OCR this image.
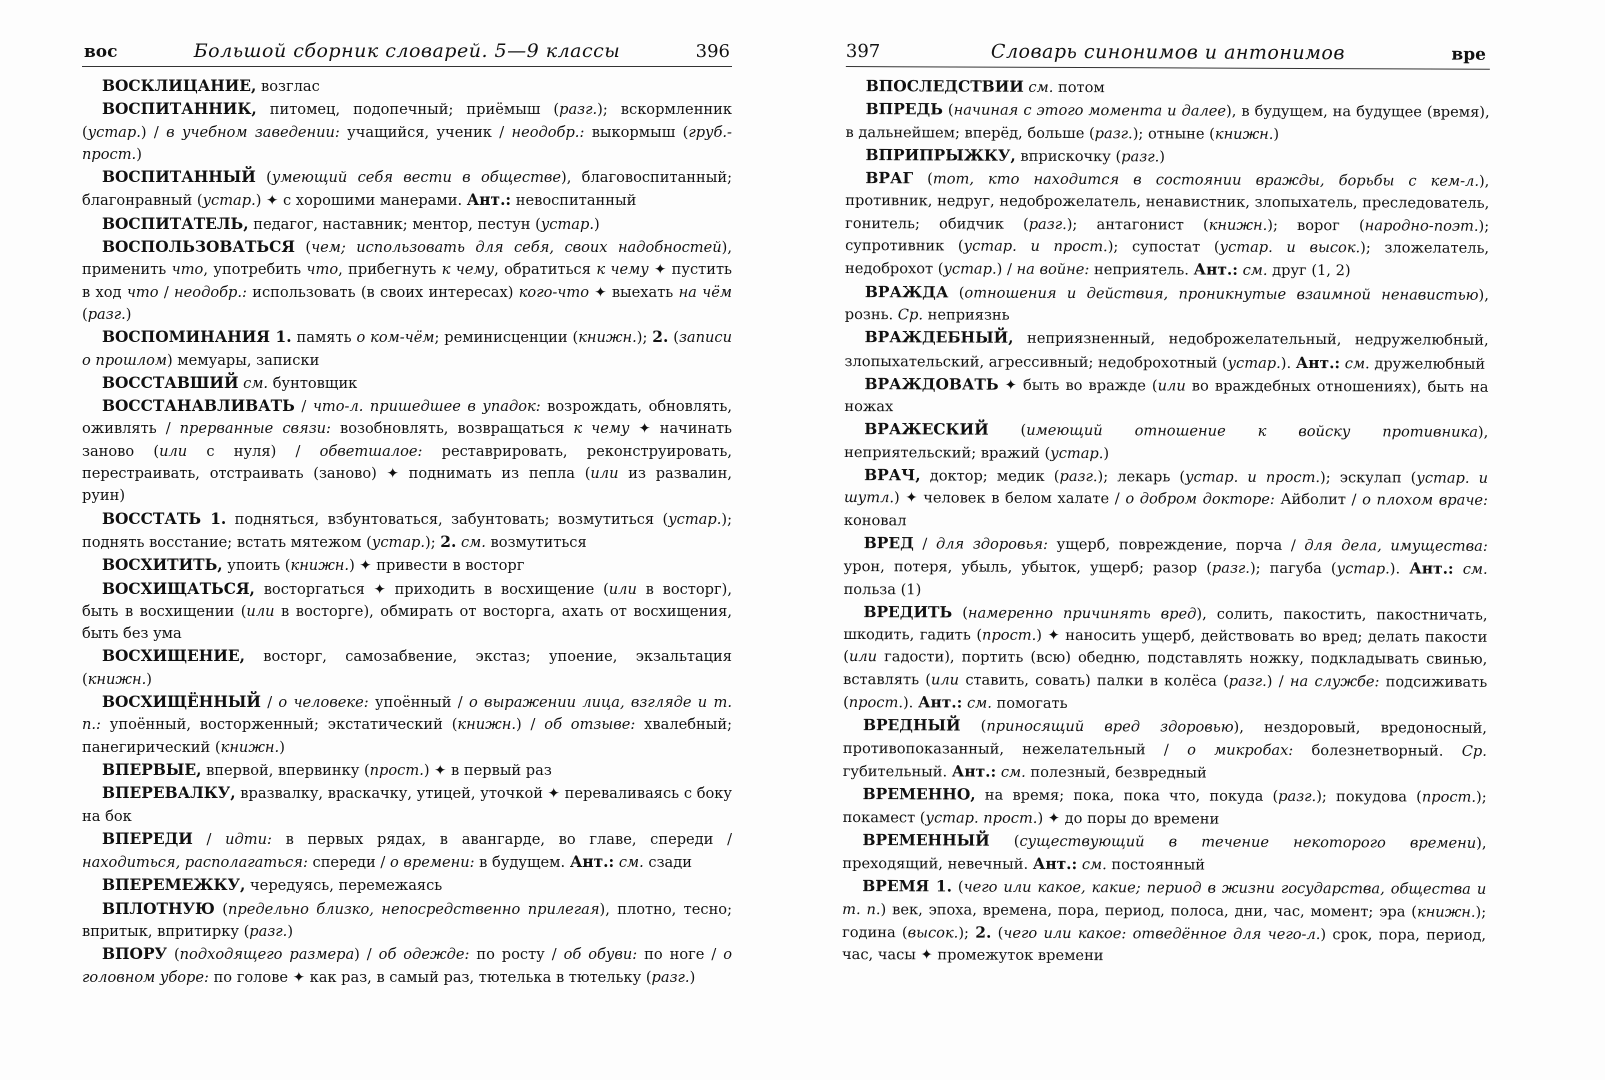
вос	Большой сборник словарей. 5—9 классы	396

ВОСКЛИЦАНИЕ, возглас

ВОСПИТАННИК, питомец, подопечный; приёмыш (разг.); вскормленник (устар.) / в учебном заведении: учащийся, ученик / неодобр.: выкормыш (груб.-прост.)

ВОСПИТАННЫЙ (умеющий себя вести в обществе), благовоспитанный; благонравный (устар.) ✦ с хорошими манерами. Ант.: невоспитанный

ВОСПИТАТЕЛЬ, педагог, наставник; ментор, пестун (устар.)

ВОСПОЛЬЗОВАТЬСЯ (чем; использовать для себя, своих надобностей), применить что, употребить что, прибегнуть к чему, обратиться к чему ✦ пустить в ход что / неодобр.: использовать (в своих интересах) кого-что ✦ выехать на чём (разг.)

ВОСПОМИНАНИЯ 1. память о ком-чём; реминисценции (книжн.); 2. (записи о прошлом) мемуары, записки

ВОССТАВШИЙ см. бунтовщик

ВОССТАНАВЛИВАТЬ / что-л. пришедшее в упадок: возрождать, обновлять, оживлять / прерванные связи: возобновлять, возвращаться к чему ✦ начинать заново (или с нуля) / обветшалое: реставрировать, реконструировать, перестраивать, отстраивать (заново) ✦ поднимать из пепла (или из развалин, руин)

ВОССТАТЬ 1. подняться, взбунтоваться, забунтовать; возмутиться (устар.); поднять восстание; встать мятежом (устар.); 2. см. возмутиться

ВОСХИТИТЬ, упоить (книжн.) ✦ привести в восторг

ВОСХИЩАТЬСЯ, восторгаться ✦ приходить в восхищение (или в восторг), быть в восхищении (или в восторге), обмирать от восторга, ахать от восхищения, быть без ума

ВОСХИЩЕНИЕ, восторг, самозабвение, экстаз; упоение, экзальтация (книжн.)

ВОСХИЩЁННЫЙ / о человеке: упоённый / о выражении лица, взгляде и т. п.: упоённый, восторженный; экстатический (книжн.) / об отзыве: хвалебный; панегирический (книжн.)

ВПЕРВЫЕ, впервой, впервинку (прост.) ✦ в первый раз

ВПЕРЕВАЛКУ, вразвалку, враскачку, утицей, уточкой ✦ переваливаясь с боку на бок

ВПЕРЕДИ / идти: в первых рядах, в авангарде, во главе, спереди / находиться, располагаться: спереди / о времени: в будущем. Ант.: см. сзади

ВПЕРЕМЕЖКУ, чередуясь, перемежаясь

ВПЛОТНУЮ (предельно близко, непосредственно прилегая), плотно, тесно; впритык, впритирку (разг.)

ВПОРУ (подходящего размера) / об одежде: по росту / об обуви: по ноге / о головном уборе: по голове ✦ как раз, в самый раз, тютелька в тютельку (разг.)

397	Словарь синонимов и антонимов	вре

ВПОСЛЕДСТВИИ см. потом

ВПРЕДЬ (начиная с этого момента и далее), в будущем, на будущее (время), в дальнейшем; вперёд, больше (разг.); отныне (книжн.)

ВПРИПРЫЖКУ, вприскочку (разг.)

ВРАГ (тот, кто находится в состоянии вражды, борьбы с кем-л.), противник, недруг, недоброжелатель, ненавистник, злопыхатель, преследователь, гонитель; обидчик (разг.); антагонист (книжн.); ворог (народно-поэт.); супротивник (устар. и прост.); супостат (устар. и высок.); зложелатель, недоброхот (устар.) / на войне: неприятель. Ант.: см. друг (1, 2)

ВРАЖДА (отношения и действия, проникнутые взаимной ненавистью), рознь. Ср. неприязнь

ВРАЖДЕБНЫЙ, неприязненный, недоброжелательный, недружелюбный, злопыхательский, агрессивный; недоброхотный (устар.). Ант.: см. дружелюбный

ВРАЖДОВАТЬ ✦ быть во вражде (или во враждебных отношениях), быть на ножах

ВРАЖЕСКИЙ (имеющий отношение к войску противника), неприятельский; вражий (устар.)

ВРАЧ, доктор; медик (разг.); лекарь (устар. и прост.); эскулап (устар. и шутл.) ✦ человек в белом халате / о добром докторе: Айболит / о плохом враче: коновал

ВРЕД / для здоровья: ущерб, повреждение, порча / для дела, имущества: урон, потеря, убыль, убыток, ущерб; разор (разг.); пагуба (устар.). Ант.: см. польза (1)

ВРЕДИТЬ (намеренно причинять вред), солить, пакостить, пакостничать, шкодить, гадить (прост.) ✦ наносить ущерб, действовать во вред; делать пакости (или гадости), портить (всю) обедню, подставлять ножку, подкладывать свинью, вставлять (или ставить, совать) палки в колёса (разг.) / на службе: подсиживать (прост.). Ант.: см. помогать

ВРЕДНЫЙ (приносящий вред здоровью), нездоровый, вредоносный, противопоказанный, нежелательный / о микробах: болезнетворный. Ср. губительный. Ант.: см. полезный, безвредный

ВРЕМЕННО, на время; пока, пока что, покуда (разг.); покудова (прост.); покамест (устар. прост.) ✦ до поры до времени

ВРЕМЕННЫЙ (существующий в течение некоторого времени), преходящий, невечный. Ант.: см. постоянный

ВРЕМЯ 1. (чего или какое, какие; период в жизни государства, общества и т. п.) век, эпоха, времена, пора, период, полоса, дни, час, момент; эра (книжн.); година (высок.); 2. (чего или какое: отведённое для чего-л.) срок, пора, период, час, часы ✦ промежуток времени
